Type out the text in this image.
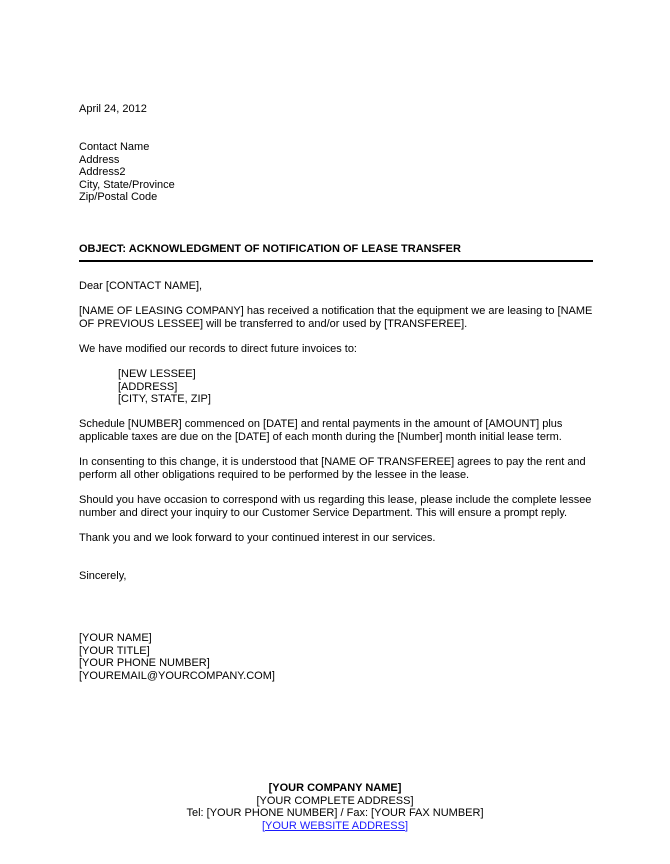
April 24, 2012

Contact Name
Address
Address2
City, State/Province
Zip/Postal Code

OBJECT: ACKNOWLEDGMENT OF NOTIFICATION OF LEASE TRANSFER

Dear [CONTACT NAME],

[NAME OF LEASING COMPANY] has received a notification that the equipment we are leasing to [NAME
OF PREVIOUS LESSEE] will be transferred to and/or used by [TRANSFEREE].

We have modified our records to direct future invoices to:

[NEW LESSEE]
[ADDRESS]
[CITY, STATE, ZIP]
Schedule [NUMBER] commenced on [DATE] and rental payments in the amount of [AMOUNT] plus
applicable taxes are due on the [DATE] of each month during the [Number] month initial lease term.
In consenting to this change, it is understood that [NAME OF TRANSFEREE] agrees to pay the rent and
perform all other obligations required to be performed by the lessee in the lease.
Should you have occasion to correspond with us regarding this lease, please include the complete lessee
number and direct your inquiry to our Customer Service Department. This will ensure a prompt reply.

Thank you and we look forward to your continued interest in our services.

Sincerely,

[YOUR NAME]
[YOUR TITLE]
[YOUR PHONE NUMBER]
[YOUREMAIL@YOURCOMPANY.COM]
[YOUR COMPANY NAME]
[YOUR COMPLETE ADDRESS]
Tel: [YOUR PHONE NUMBER] / Fax: [YOUR FAX NUMBER]
[YOUR WEBSITE ADDRESS]
